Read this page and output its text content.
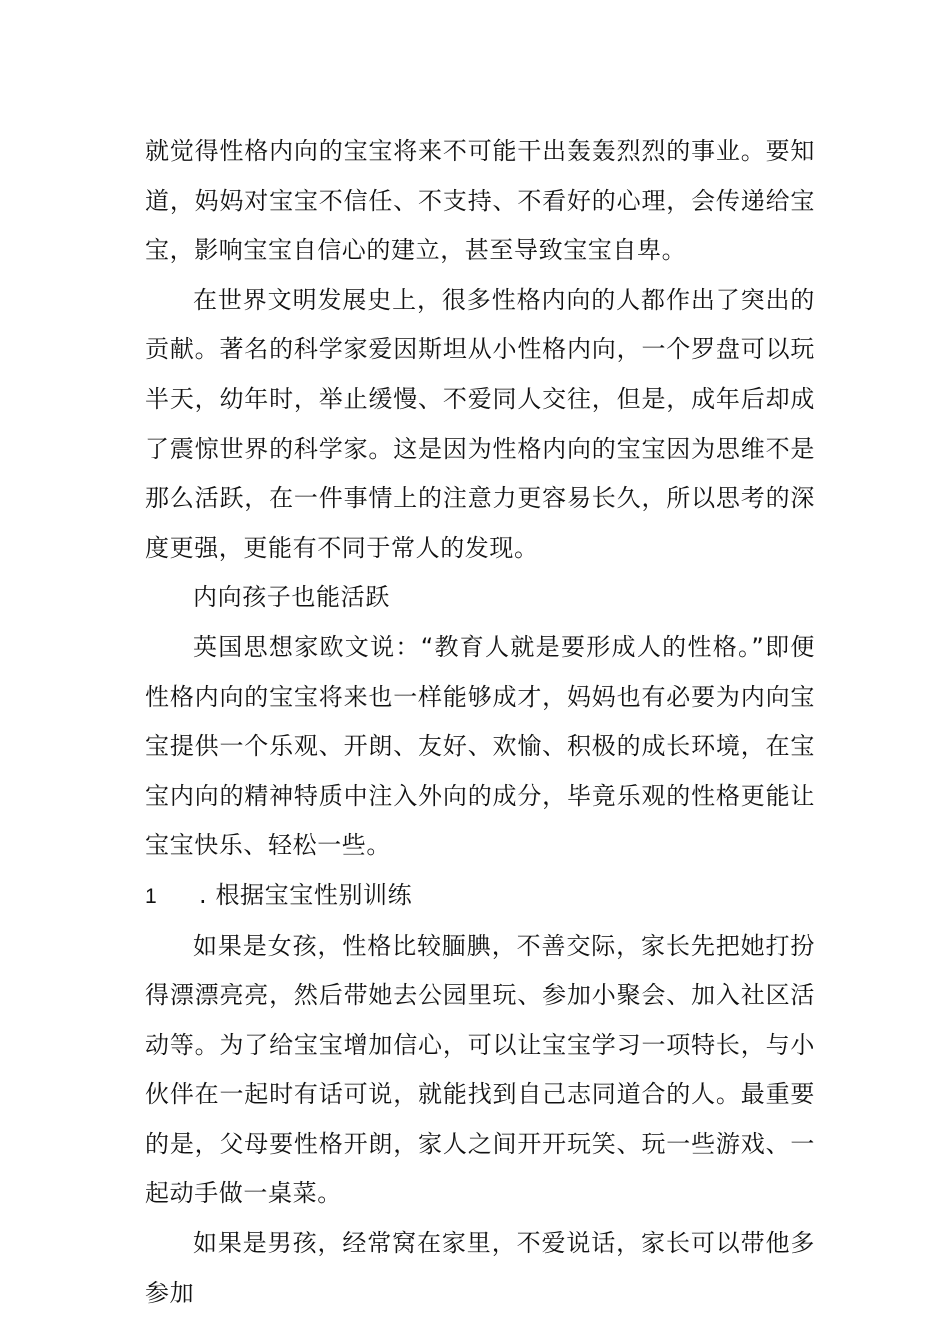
就觉得性格内向的宝宝将来不可能干出轰轰烈烈的事业。要知道，妈妈对宝宝不信任、不支持、不看好的心理，会传递给宝宝，影响宝宝自信心的建立，甚至导致宝宝自卑。

在世界文明发展史上，很多性格内向的人都作出了突出的贡献。著名的科学家爱因斯坦从小性格内向，一个罗盘可以玩半天，幼年时，举止缓慢、不爱同人交往，但是，成年后却成了震惊世界的科学家。这是因为性格内向的宝宝因为思维不是那么活跃，在一件事情上的注意力更容易长久，所以思考的深度更强，更能有不同于常人的发现。

内向孩子也能活跃

英国思想家欧文说：“教育人就是要形成人的性格。”即便性格内向的宝宝将来也一样能够成才，妈妈也有必要为内向宝宝提供一个乐观、开朗、友好、欢愉、积极的成长环境，在宝宝内向的精神特质中注入外向的成分，毕竟乐观的性格更能让宝宝快乐、轻松一些。

1	. 根据宝宝性别训练

如果是女孩，性格比较腼腆，不善交际，家长先把她打扮得漂漂亮亮，然后带她去公园里玩、参加小聚会、加入社区活动等。为了给宝宝增加信心，可以让宝宝学习一项特长，与小伙伴在一起时有话可说，就能找到自己志同道合的人。最重要的是，父母要性格开朗，家人之间开开玩笑、玩一些游戏、一起动手做一桌菜。

如果是男孩，经常窝在家里，不爱说话，家长可以带他多参加
